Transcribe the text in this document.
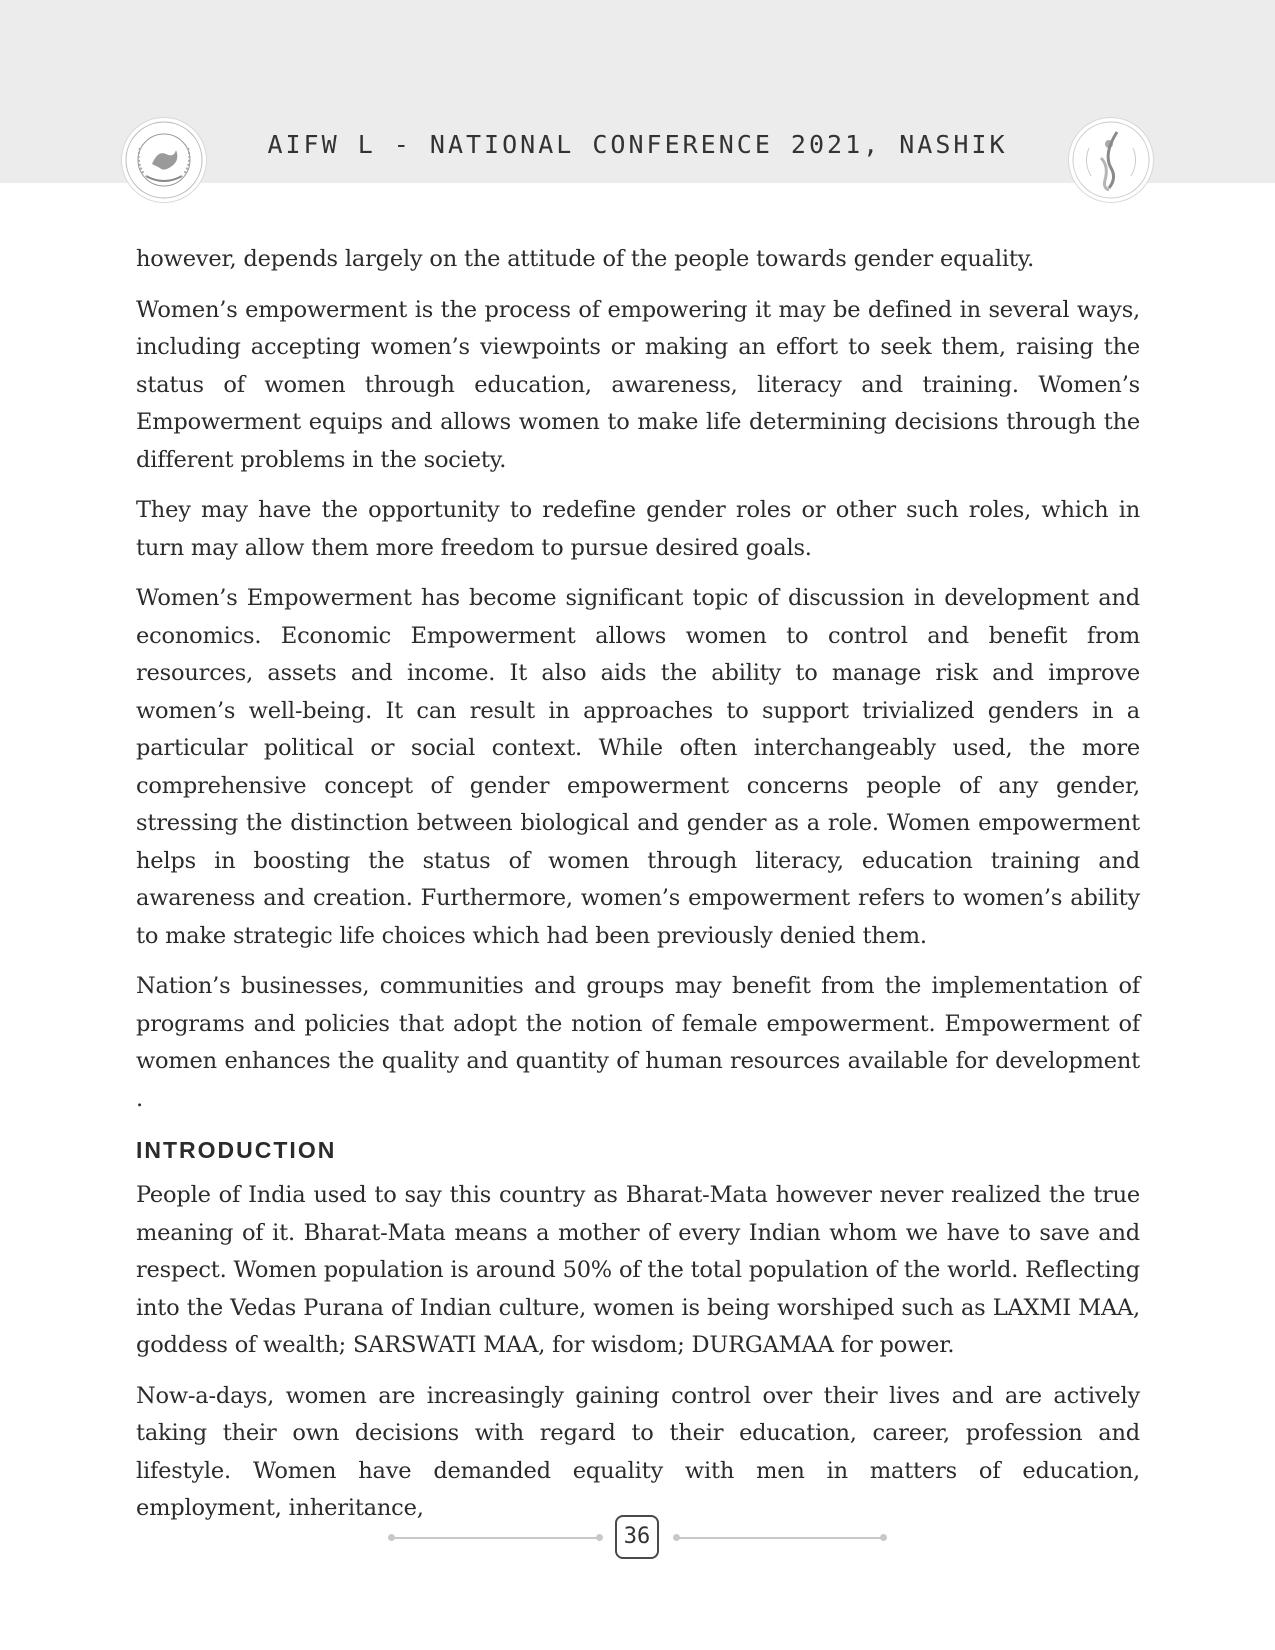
AIFW L - NATIONAL CONFERENCE 2021, NASHIK

however, depends largely on the attitude of the people towards gender equality.

Women’s empowerment is the process of empowering it may be defined in several ways, including accepting women’s viewpoints or making an effort to seek them, raising the status of women through education, awareness, literacy and training. Women’s Empowerment equips and allows women to make life determining decisions through the different problems in the society.

They may have the opportunity to redefine gender roles or other such roles, which in turn may allow them more freedom to pursue desired goals.

Women’s Empowerment has become significant topic of discussion in development and economics. Economic Empowerment allows women to control and benefit from resources, assets and income. It also aids the ability to manage risk and improve women’s well-being. It can result in approaches to support trivialized genders in a particular political or social context. While often interchangeably used, the more comprehensive concept of gender empowerment concerns people of any gender, stressing the distinction between biological and gender as a role. Women empowerment helps in boosting the status of women through literacy, education training and awareness and creation. Furthermore, women’s empowerment refers to women’s ability to make strategic life choices which had been previously denied them.

Nation’s businesses, communities and groups may benefit from the implementation of programs and policies that adopt the notion of female empowerment. Empowerment of women enhances the quality and quantity of human resources available for development .

INTRODUCTION

People of India used to say this country as Bharat-Mata however never realized the true meaning of it. Bharat-Mata means a mother of every Indian whom we have to save and respect. Women population is around 50% of the total population of the world. Reflecting into the Vedas Purana of Indian culture, women is being worshiped such as LAXMI MAA, goddess of wealth; SARSWATI MAA, for wisdom; DURGAMAA for power.

Now-a-days, women are increasingly gaining control over their lives and are actively taking their own decisions with regard to their education, career, profession and lifestyle. Women have demanded equality with men in matters of education, employment, inheritance,

36
